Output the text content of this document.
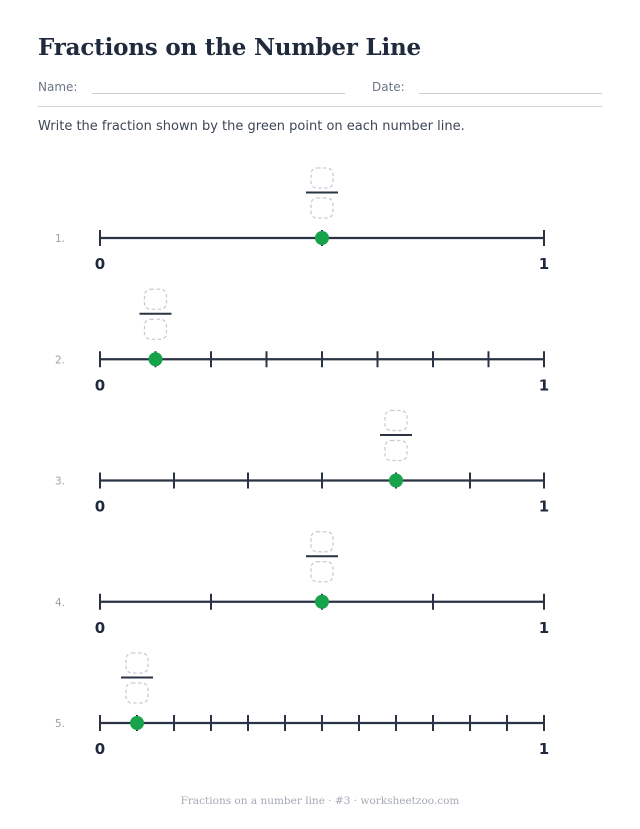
Fractions on the Number Line
Name:	Date:
Write the fraction shown by the green point on each number line.
1.
0	1
2.
0	1
3.
0	1
4.
0	1
5.
0	1
Fractions on a number line · #3 · worksheetzoo.com
